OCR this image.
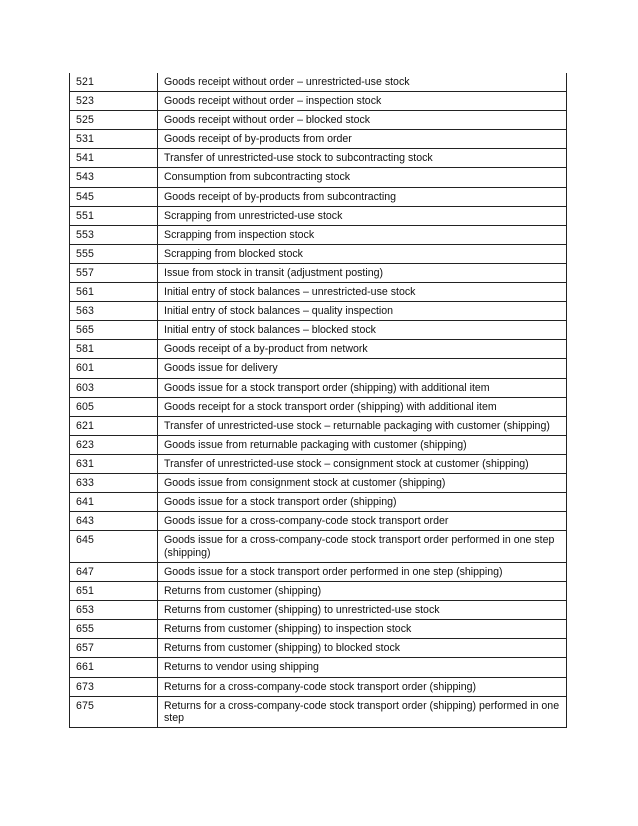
521	Goods receipt without order – unrestricted-use stock
523	Goods receipt without order – inspection stock
525	Goods receipt without order – blocked stock
531	Goods receipt of by-products from order
541	Transfer of unrestricted-use stock to subcontracting stock
543	Consumption from subcontracting stock
545	Goods receipt of by-products from subcontracting
551	Scrapping from unrestricted-use stock
553	Scrapping from inspection stock
555	Scrapping from blocked stock
557	Issue from stock in transit (adjustment posting)
561	Initial entry of stock balances – unrestricted-use stock
563	Initial entry of stock balances – quality inspection
565	Initial entry of stock balances – blocked stock
581	Goods receipt of a by-product from network
601	Goods issue for delivery
603	Goods issue for a stock transport order (shipping) with additional item
605	Goods receipt for a stock transport order (shipping) with additional item
621	Transfer of unrestricted-use stock – returnable packaging with customer (shipping)
623	Goods issue from returnable packaging with customer (shipping)
631	Transfer of unrestricted-use stock – consignment stock at customer (shipping)
633	Goods issue from consignment stock at customer (shipping)
641	Goods issue for a stock transport order (shipping)
643	Goods issue for a cross-company-code stock transport order
645	Goods issue for a cross-company-code stock transport order performed in one step (shipping)
647	Goods issue for a stock transport order performed in one step (shipping)
651	Returns from customer (shipping)
653	Returns from customer (shipping) to unrestricted-use stock
655	Returns from customer (shipping) to inspection stock
657	Returns from customer (shipping) to blocked stock
661	Returns to vendor using shipping
673	Returns for a cross-company-code stock transport order (shipping)
675	Returns for a cross-company-code stock transport order (shipping) performed in one step
